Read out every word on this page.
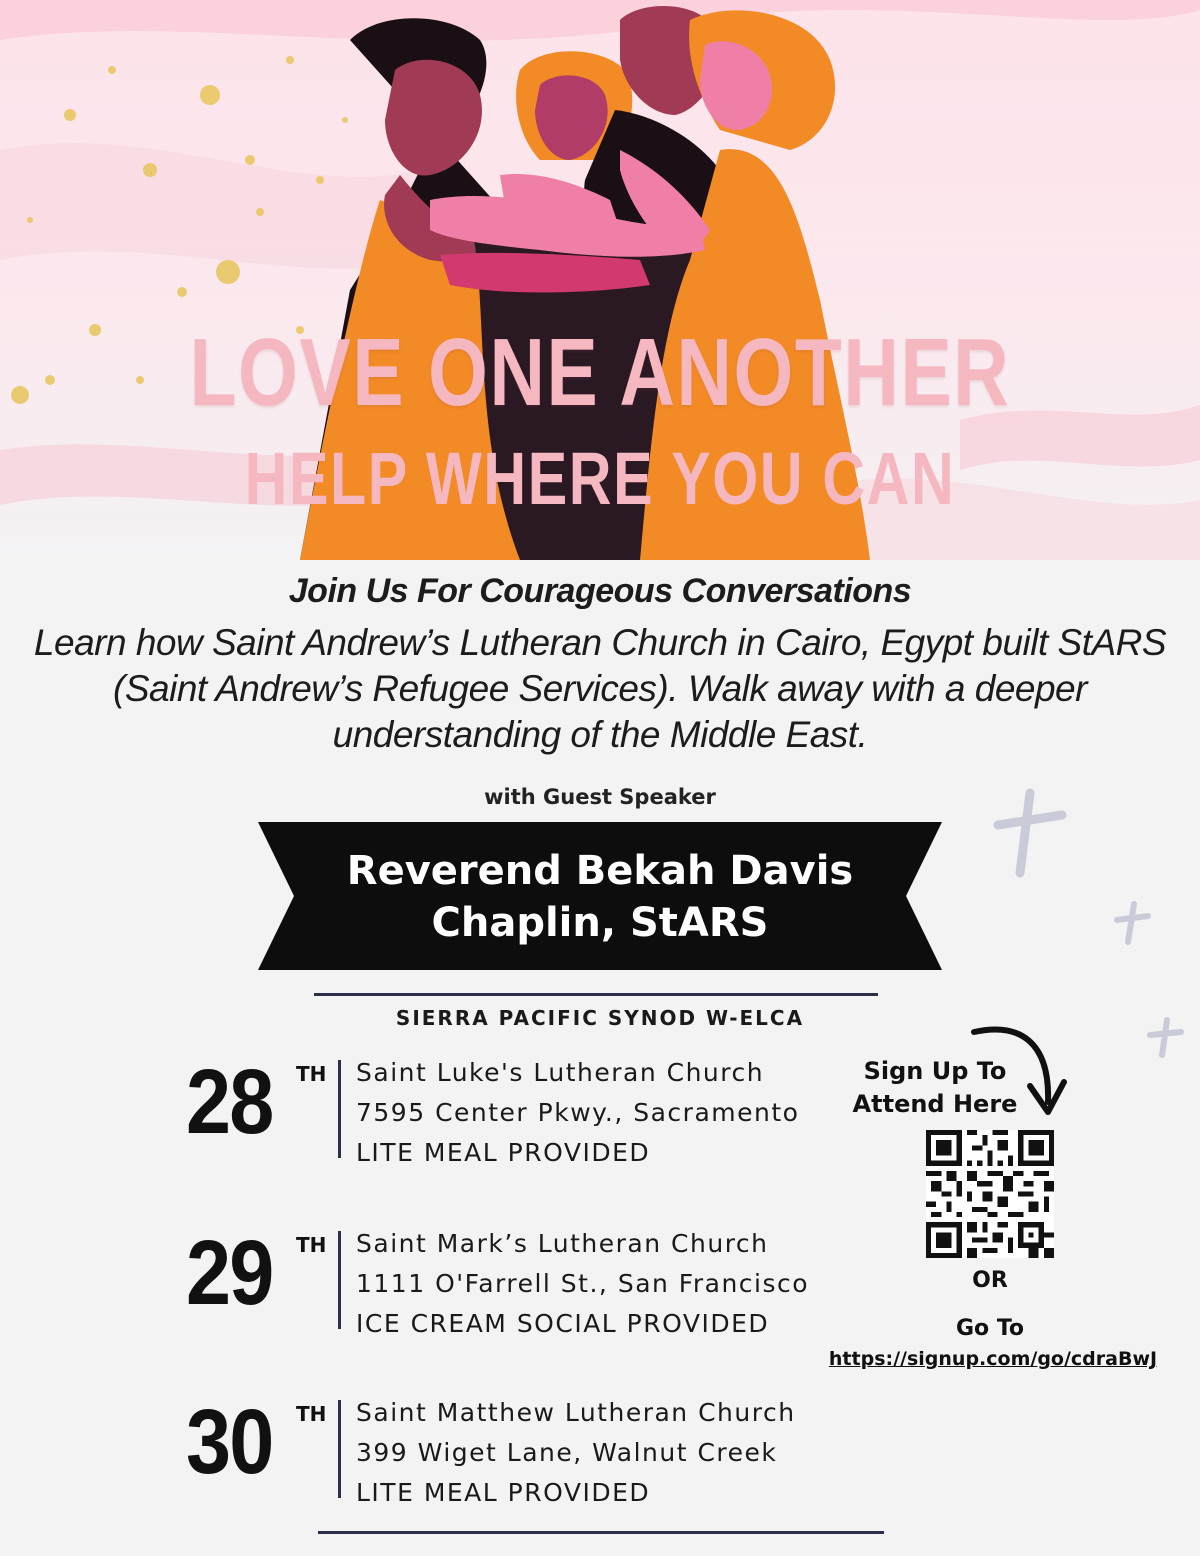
LOVE ONE ANOTHER
HELP WHERE YOU CAN
Join Us For Courageous Conversations
Learn how Saint Andrew’s Lutheran Church in Cairo, Egypt built StARS (Saint Andrew’s Refugee Services). Walk away with a deeper understanding of the Middle East.
with Guest Speaker
Reverend Bekah Davis
Chaplin, StARS
SIERRA PACIFIC SYNOD W-ELCA
28	TH Saint Luke's Lutheran Church
7595 Center Pkwy., Sacramento
LITE MEAL PROVIDED
29	TH Saint Mark’s Lutheran Church
1111 O'Farrell St., San Francisco
ICE CREAM SOCIAL PROVIDED
30	TH Saint Matthew Lutheran Church
399 Wiget Lane, Walnut Creek
LITE MEAL PROVIDED
Sign Up To
Attend Here
OR
Go To
https://signup.com/go/cdraBwJ
